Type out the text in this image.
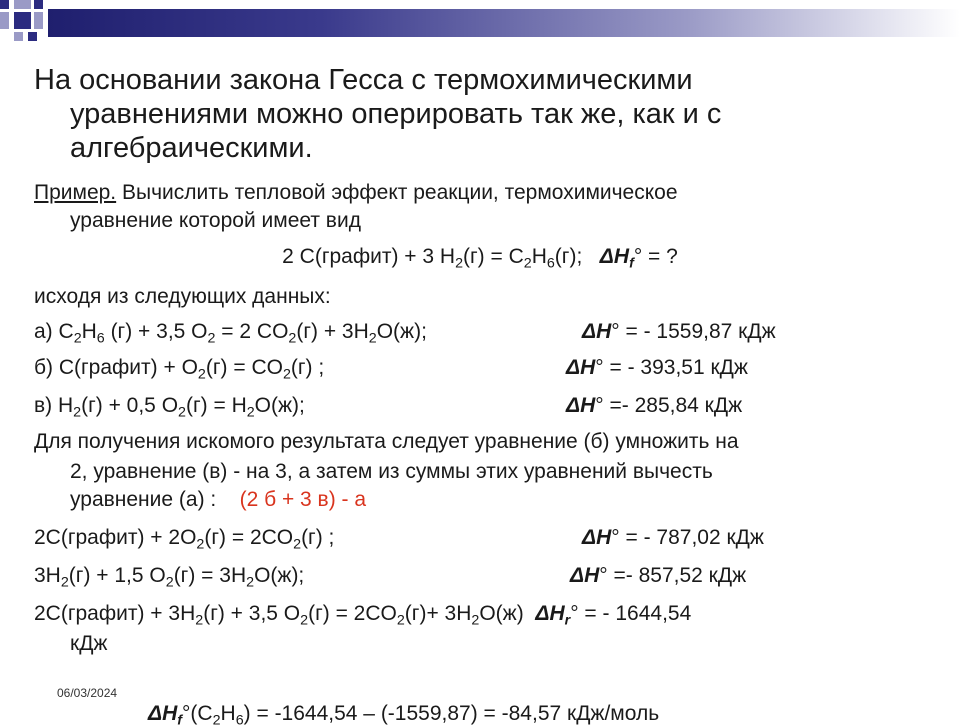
На основании закона Гесса с термохимическими
уравнениями можно оперировать так же, как и с
алгебраическими.
Пример. Вычислить тепловой эффект реакции, термохимическое
уравнение которой имеет вид
2 C(графит) + 3 $H_2(г) = C_2H_6(г)$; $\Delta H_f^\circ$ = ?
исходя из следующих данных:
а) $C_2H_6$ (г) + 3,5 $O_2 = 2$ $CO_2(г) + 3H_2O(ж)$;	ΔH° = - 1559,87 кДж
б) C(графит) + $O_2(г) = CO_2(г)$ ;	ΔH° = - 393,51 кДж
в) $H_2(г) + 0,5$ $O_2(г) = H_2O(ж)$;	ΔH° =- 285,84 кДж
Для получения искомого результата следует уравнение (б) умножить на
2, уравнение (в) - на 3, а затем из суммы этих уравнений вычесть
уравнение (а) : (2 б + 3 в) - а
2C(графит) + $2O_2(г) = 2CO_2(г)$ ;	ΔH° = - 787,02 кДж
$3H_2(г) + 1,5$ $O_2(г) = 3H_2O(ж)$;	ΔH° =- 857,52 кДж
2C(графит) + $3H_2(г) + 3,5$ $O_2(г) = 2CO_2(г)+ 3H_2O(ж) \Delta H_r^\circ$ = - 1644,54
кДж
06/03/2024
$\Delta H_f^\circ(C_2H_6) = -1644,54 - (-1559,87) = -84,57$ кДж/моль
